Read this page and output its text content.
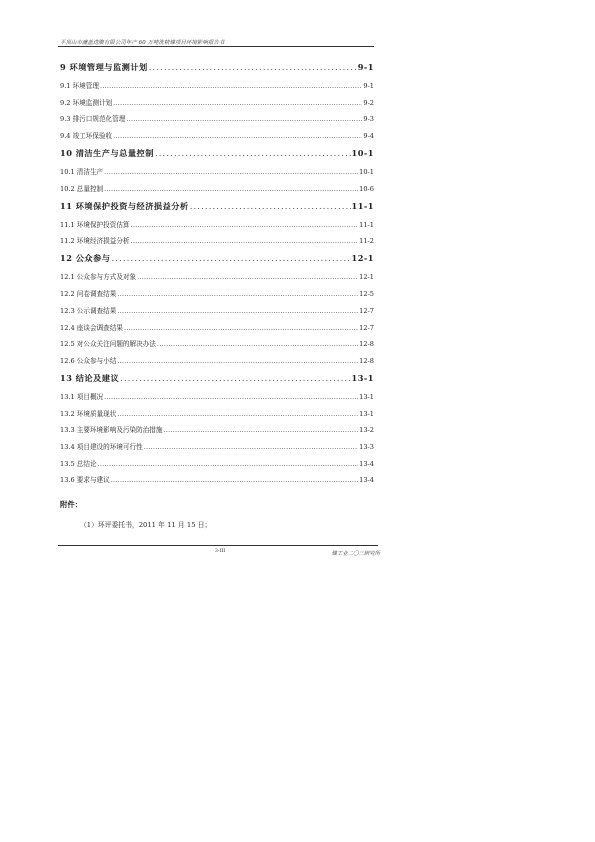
平顶山市瀍蓝迭腹有限公司年产 60 万吨洗精煤项目环境影响报告书
9 环境管理与监测计划 .....	9-1
9.1 环境管理 .....	9-1
9.2 环境监测计划 .....	9-2
9.3 排污口规范化管理 .....	9-3
9.4 竣工环保验收 .....	9-4
10 清洁生产与总量控制 .....	10-1
10.1 清洁生产 .....	10-1
10.2 总量控制 .....	10-6
11 环境保护投资与经济损益分析 .....	11-1
11.1 环境保护投资估算 .....	11-1
11.2 环境经济损益分析 .....	11-2
12 公众参与 .....	12-1
12.1 公众参与方式及对象 .....	12-1
12.2 问卷调查结果 .....	12-5
12.3 公示调查结果 .....	12-7
12.4 座谈会调查结果 .....	12-7
12.5 对公众关注问题的解决办法 .....	12-8
12.6 公众参与小结 .....	12-8
13 结论及建议 .....	13-1
13.1 项目概况 .....	13-1
13.2 环境质量现状 .....	13-1
13.3 主要环境影响及污染防治措施 .....	13-2
13.4 项目建设的环境可行性 .....	13-3
13.5 总结论 .....	13-4
13.6 要求与建议 .....	13-4
附件：
（1）环评委托书，2011 年 11 月 15 日；
3-III	煤工业二〇三研究所
